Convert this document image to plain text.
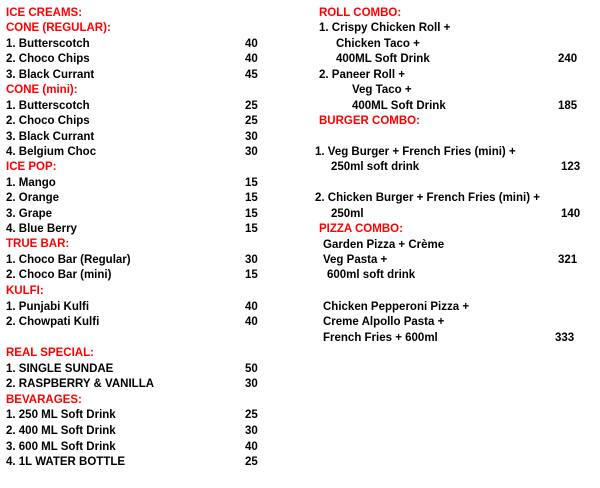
ICE CREAMS:
CONE (REGULAR):
1. Butterscotch	40
2. Choco Chips	40
3. Black Currant	45
CONE (mini):
1. Butterscotch	25
2. Choco Chips	25
3. Black Currant	30
4. Belgium Choc	30
ICE POP:
1. Mango	15
2. Orange	15
3. Grape	15
4. Blue Berry	15
TRUE BAR:
1. Choco Bar (Regular)	30
2. Choco Bar (mini)	15
KULFI:
1. Punjabi Kulfi	40
2. Chowpati Kulfi	40
REAL SPECIAL:
1. SINGLE SUNDAE	50
2. RASPBERRY & VANILLA	30
BEVARAGES:
1. 250 ML Soft Drink	25
2. 400 ML Soft Drink	30
3. 600 ML Soft Drink	40
4. 1L WATER BOTTLE	25
ROLL COMBO:
1. Crispy Chicken Roll +
Chicken Taco +
400ML Soft Drink	240
2. Paneer Roll +
Veg Taco +
400ML Soft Drink	185
BURGER COMBO:
1. Veg Burger + French Fries (mini) +
250ml soft drink	123
2. Chicken Burger + French Fries (mini) +
250ml	140
PIZZA COMBO:
Garden Pizza + Crème
Veg Pasta +	321
600ml soft drink
Chicken Pepperoni Pizza +
Creme Alpollo Pasta +
French Fries + 600ml	333
